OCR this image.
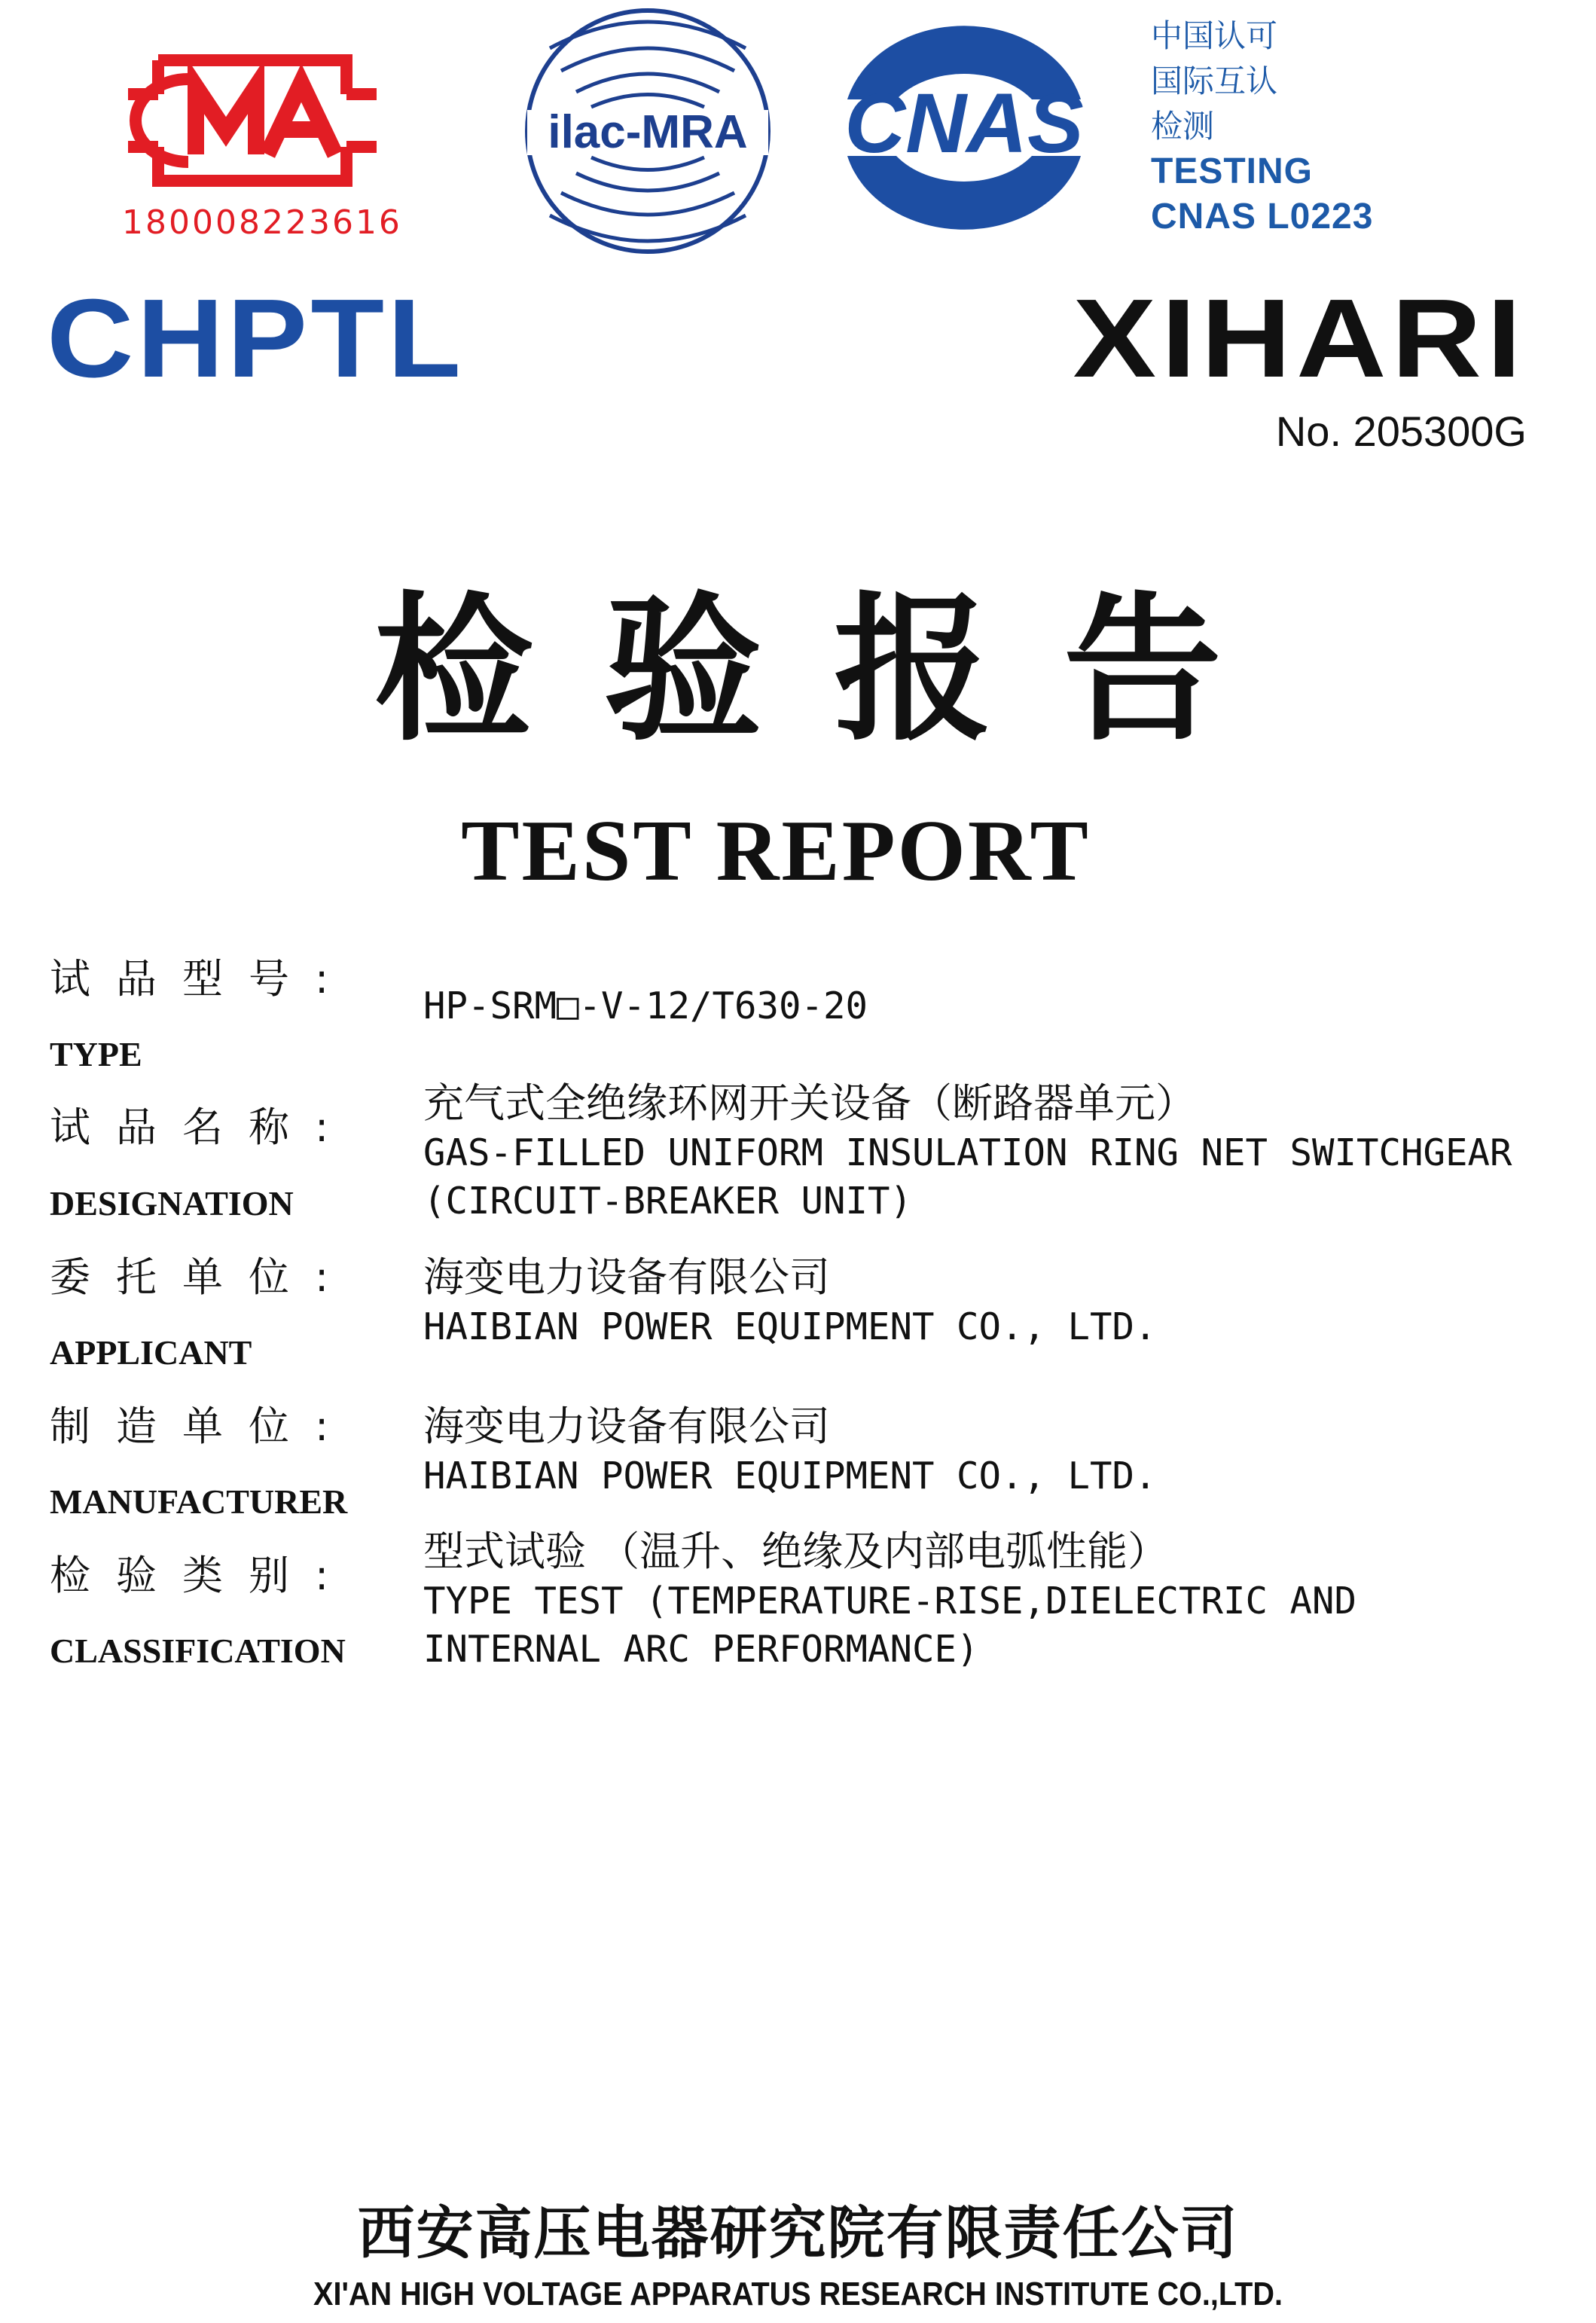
180008223616
ilac-MRA CNAS
中国认可
国际互认
检测
TESTING
CNAS L0223
CHPTL	XIHARI
No. 205300G
检验报告
TEST REPORT
试品型号:
TYPE
HP-SRM□-V-12/T630-20
试品名称:
DESIGNATION
充气式全绝缘环网开关设备（断路器单元）
GAS-FILLED UNIFORM INSULATION RING NET SWITCHGEAR
(CIRCUIT-BREAKER UNIT)
委托单位:
APPLICANT
海变电力设备有限公司
HAIBIAN POWER EQUIPMENT CO., LTD.
制造单位:
MANUFACTURER
海变电力设备有限公司
HAIBIAN POWER EQUIPMENT CO., LTD.
检验类别:
CLASSIFICATION
型式试验 （温升、绝缘及内部电弧性能）
TYPE TEST (TEMPERATURE-RISE,DIELECTRIC AND
INTERNAL ARC PERFORMANCE)
西安高压电器研究院有限责任公司
XI'AN HIGH VOLTAGE APPARATUS RESEARCH INSTITUTE CO.,LTD.
